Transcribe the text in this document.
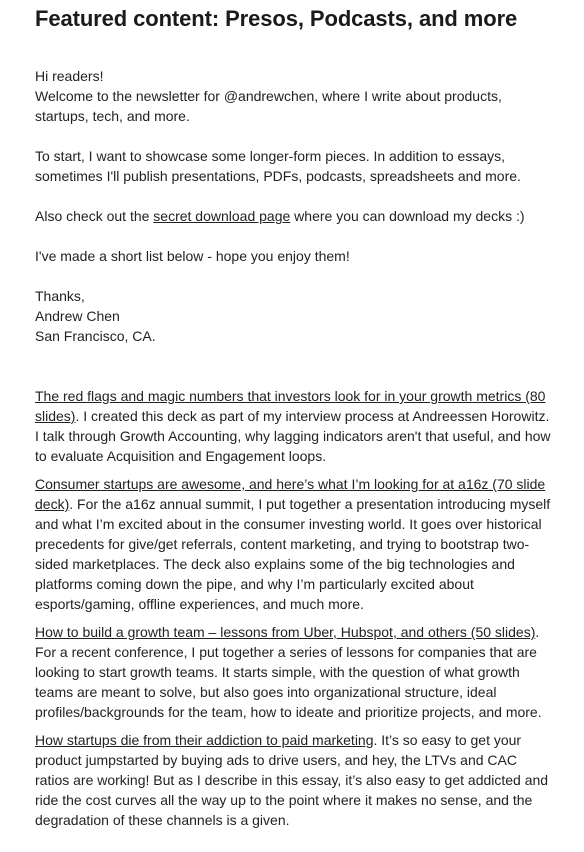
Featured content: Presos, Podcasts, and more

Hi readers!

Welcome to the newsletter for @andrewchen, where I write about products, startups, tech, and more.

To start, I want to showcase some longer-form pieces. In addition to essays, sometimes I'll publish presentations, PDFs, podcasts, spreadsheets and more.

Also check out the secret download page where you can download my decks :)

I've made a short list below - hope you enjoy them!

Thanks,

Andrew Chen

San Francisco, CA.

The red flags and magic numbers that investors look for in your growth metrics (80 slides). I created this deck as part of my interview process at Andreessen Horowitz. I talk through Growth Accounting, why lagging indicators aren't that useful, and how to evaluate Acquisition and Engagement loops.

Consumer startups are awesome, and here’s what I’m looking for at a16z (70 slide deck). For the a16z annual summit, I put together a presentation introducing myself and what I’m excited about in the consumer investing world. It goes over historical precedents for give/get referrals, content marketing, and trying to bootstrap two-sided marketplaces. The deck also explains some of the big technologies and platforms coming down the pipe, and why I’m particularly excited about esports/gaming, offline experiences, and much more.

How to build a growth team – lessons from Uber, Hubspot, and others (50 slides). For a recent conference, I put together a series of lessons for companies that are looking to start growth teams. It starts simple, with the question of what growth teams are meant to solve, but also goes into organizational structure, ideal profiles/backgrounds for the team, how to ideate and prioritize projects, and more.

How startups die from their addiction to paid marketing. It’s so easy to get your product jumpstarted by buying ads to drive users, and hey, the LTVs and CAC ratios are working! But as I describe in this essay, it’s also easy to get addicted and ride the cost curves all the way up to the point where it makes no sense, and the degradation of these channels is a given.
